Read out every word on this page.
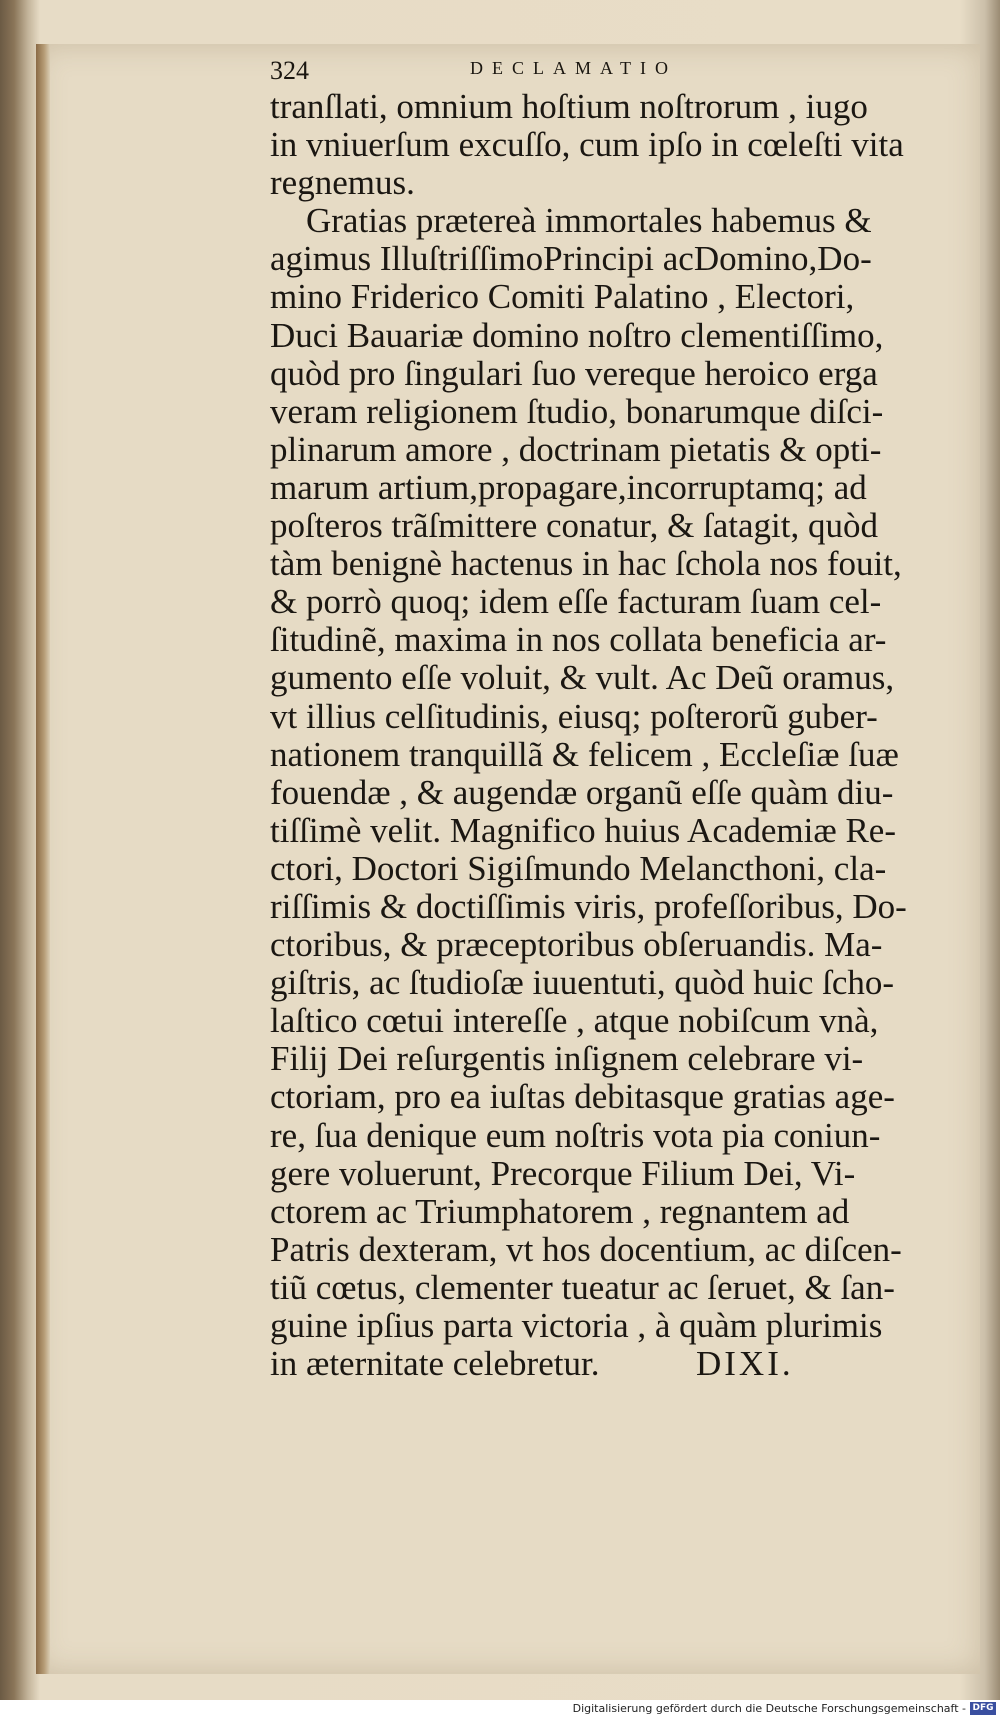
324	DECLAMATIO
tranſlati, omnium hoſtium noſtrorum , iugo
in vniuerſum excuſſo, cum ipſo in cœleſti vita
regnemus.
Gratias prætereà immortales habemus &
agimus IlluſtriſſimoPrincipi acDomino,Do-
mino Friderico Comiti Palatino , Electori,
Duci Bauariæ domino noſtro clementiſſimo,
quòd pro ſingulari ſuo vereque heroico erga
veram religionem ſtudio, bonarumque diſci-
plinarum amore , doctrinam pietatis & opti-
marum artium,propagare,incorruptamq; ad
poſteros trãſmittere conatur, & ſatagit, quòd
tàm benignè hactenus in hac ſchola nos fouit,
& porrò quoq; idem eſſe facturam ſuam cel-
ſitudinẽ, maxima in nos collata beneficia ar-
gumento eſſe voluit, & vult. Ac Deũ oramus,
vt illius celſitudinis, eiusq; poſterorũ guber-
nationem tranquillã & felicem , Eccleſiæ ſuæ
fouendæ , & augendæ organũ eſſe quàm diu-
tiſſimè velit. Magnifico huius Academiæ Re-
ctori, Doctori Sigiſmundo Melancthoni, cla-
riſſimis & doctiſſimis viris, profeſſoribus, Do-
ctoribus, & præceptoribus obſeruandis. Ma-
giſtris, ac ſtudioſæ iuuentuti, quòd huic ſcho-
laſtico cœtui intereſſe , atque nobiſcum vnà,
Filij Dei reſurgentis inſignem celebrare vi-
ctoriam, pro ea iuſtas debitasque gratias age-
re, ſua denique eum noſtris vota pia coniun-
gere voluerunt, Precorque Filium Dei, Vi-
ctorem ac Triumphatorem , regnantem ad
Patris dexteram, vt hos docentium, ac diſcen-
tiũ cœtus, clementer tueatur ac ſeruet, & ſan-
guine ipſius parta victoria , à quàm plurimis
in æternitate celebretur.	DIXI.
Digitalisierung gefördert durch die Deutsche Forschungsgemeinschaft - DFG
